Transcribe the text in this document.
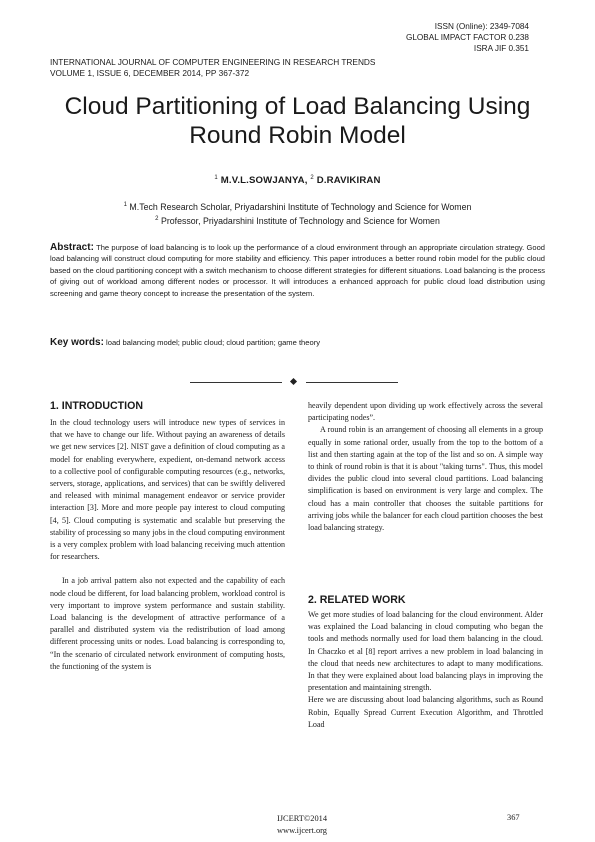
ISSN (Online): 2349-7084
GLOBAL IMPACT FACTOR 0.238
ISRA JIF 0.351
INTERNATIONAL JOURNAL OF COMPUTER ENGINEERING IN RESEARCH TRENDS
VOLUME 1, ISSUE 6, DECEMBER 2014, PP 367-372
Cloud Partitioning of Load Balancing Using
Round Robin Model
$^1$ M.V.L.SOWJANYA, $^2$ D.RAVIKIRAN
$^1$ M.Tech Research Scholar, Priyadarshini Institute of Technology and Science for Women
$^2$ Professor, Priyadarshini Institute of Technology and Science for Women
Abstract: The purpose of load balancing is to look up the performance of a cloud environment through an appropriate circulation strategy. Good load balancing will construct cloud computing for more stability and efficiency. This paper introduces a better round robin model for the public cloud based on the cloud partitioning concept with a switch mechanism to choose different strategies for different situations. Load balancing is the process of giving out of workload among different nodes or processor. It will introduces a enhanced approach for public cloud load distribution using screening and game theory concept to increase the presentation of the system.
Key words: load balancing model; public cloud; cloud partition; game theory
1. INTRODUCTION

In the cloud technology users will introduce new types of services in that we have to change our life. Without paying an awareness of details we get new services [2]. NIST gave a definition of cloud computing as a model for enabling everywhere, expedient, on-demand network access to a collective pool of configurable computing resources (e.g., networks, servers, storage, applications, and services) that can be swiftly delivered and released with minimal management endeavor or service provider interaction [3]. More and more people pay interest to cloud computing [4, 5]. Cloud computing is systematic and scalable but preserving the stability of processing so many jobs in the cloud computing environment is a very complex problem with load balancing receiving much attention for researchers.

In a job arrival pattern also not expected and the capability of each node cloud be different, for load balancing problem, workload control is very important to improve system performance and sustain stability. Load balancing is the development of attractive performance of a parallel and distributed system via the redistribution of load among different processing units or nodes. Load balancing is corresponding to, “In the scenario of circulated network environment of computing hosts, the functioning of the system is

heavily dependent upon dividing up work effectively across the several participating nodes”.

A round robin is an arrangement of choosing all elements in a group equally in some rational order, usually from the top to the bottom of a list and then starting again at the top of the list and so on. A simple way to think of round robin is that it is about "taking turns". Thus, this model divides the public cloud into several cloud partitions. Load balancing simplification is based on environment is very large and complex. The cloud has a main controller that chooses the suitable partitions for arriving jobs while the balancer for each cloud partition chooses the best load balancing strategy.

2. RELATED WORK

We get more studies of load balancing for the cloud environment. Alder was explained the Load balancing in cloud computing who began the tools and methods normally used for load them balancing in the cloud. In Chaczko et al [8] report arrives a new problem in load balancing in the cloud that needs new architectures to adapt to many modifications. In that they were explained about load balancing plays in improving the presentation and maintaining strength.

Here we are discussing about load balancing algorithms, such as Round Robin, Equally Spread Current Execution Algorithm, and Throttled Load

IJCERT©2014
www.ijcert.org
367
